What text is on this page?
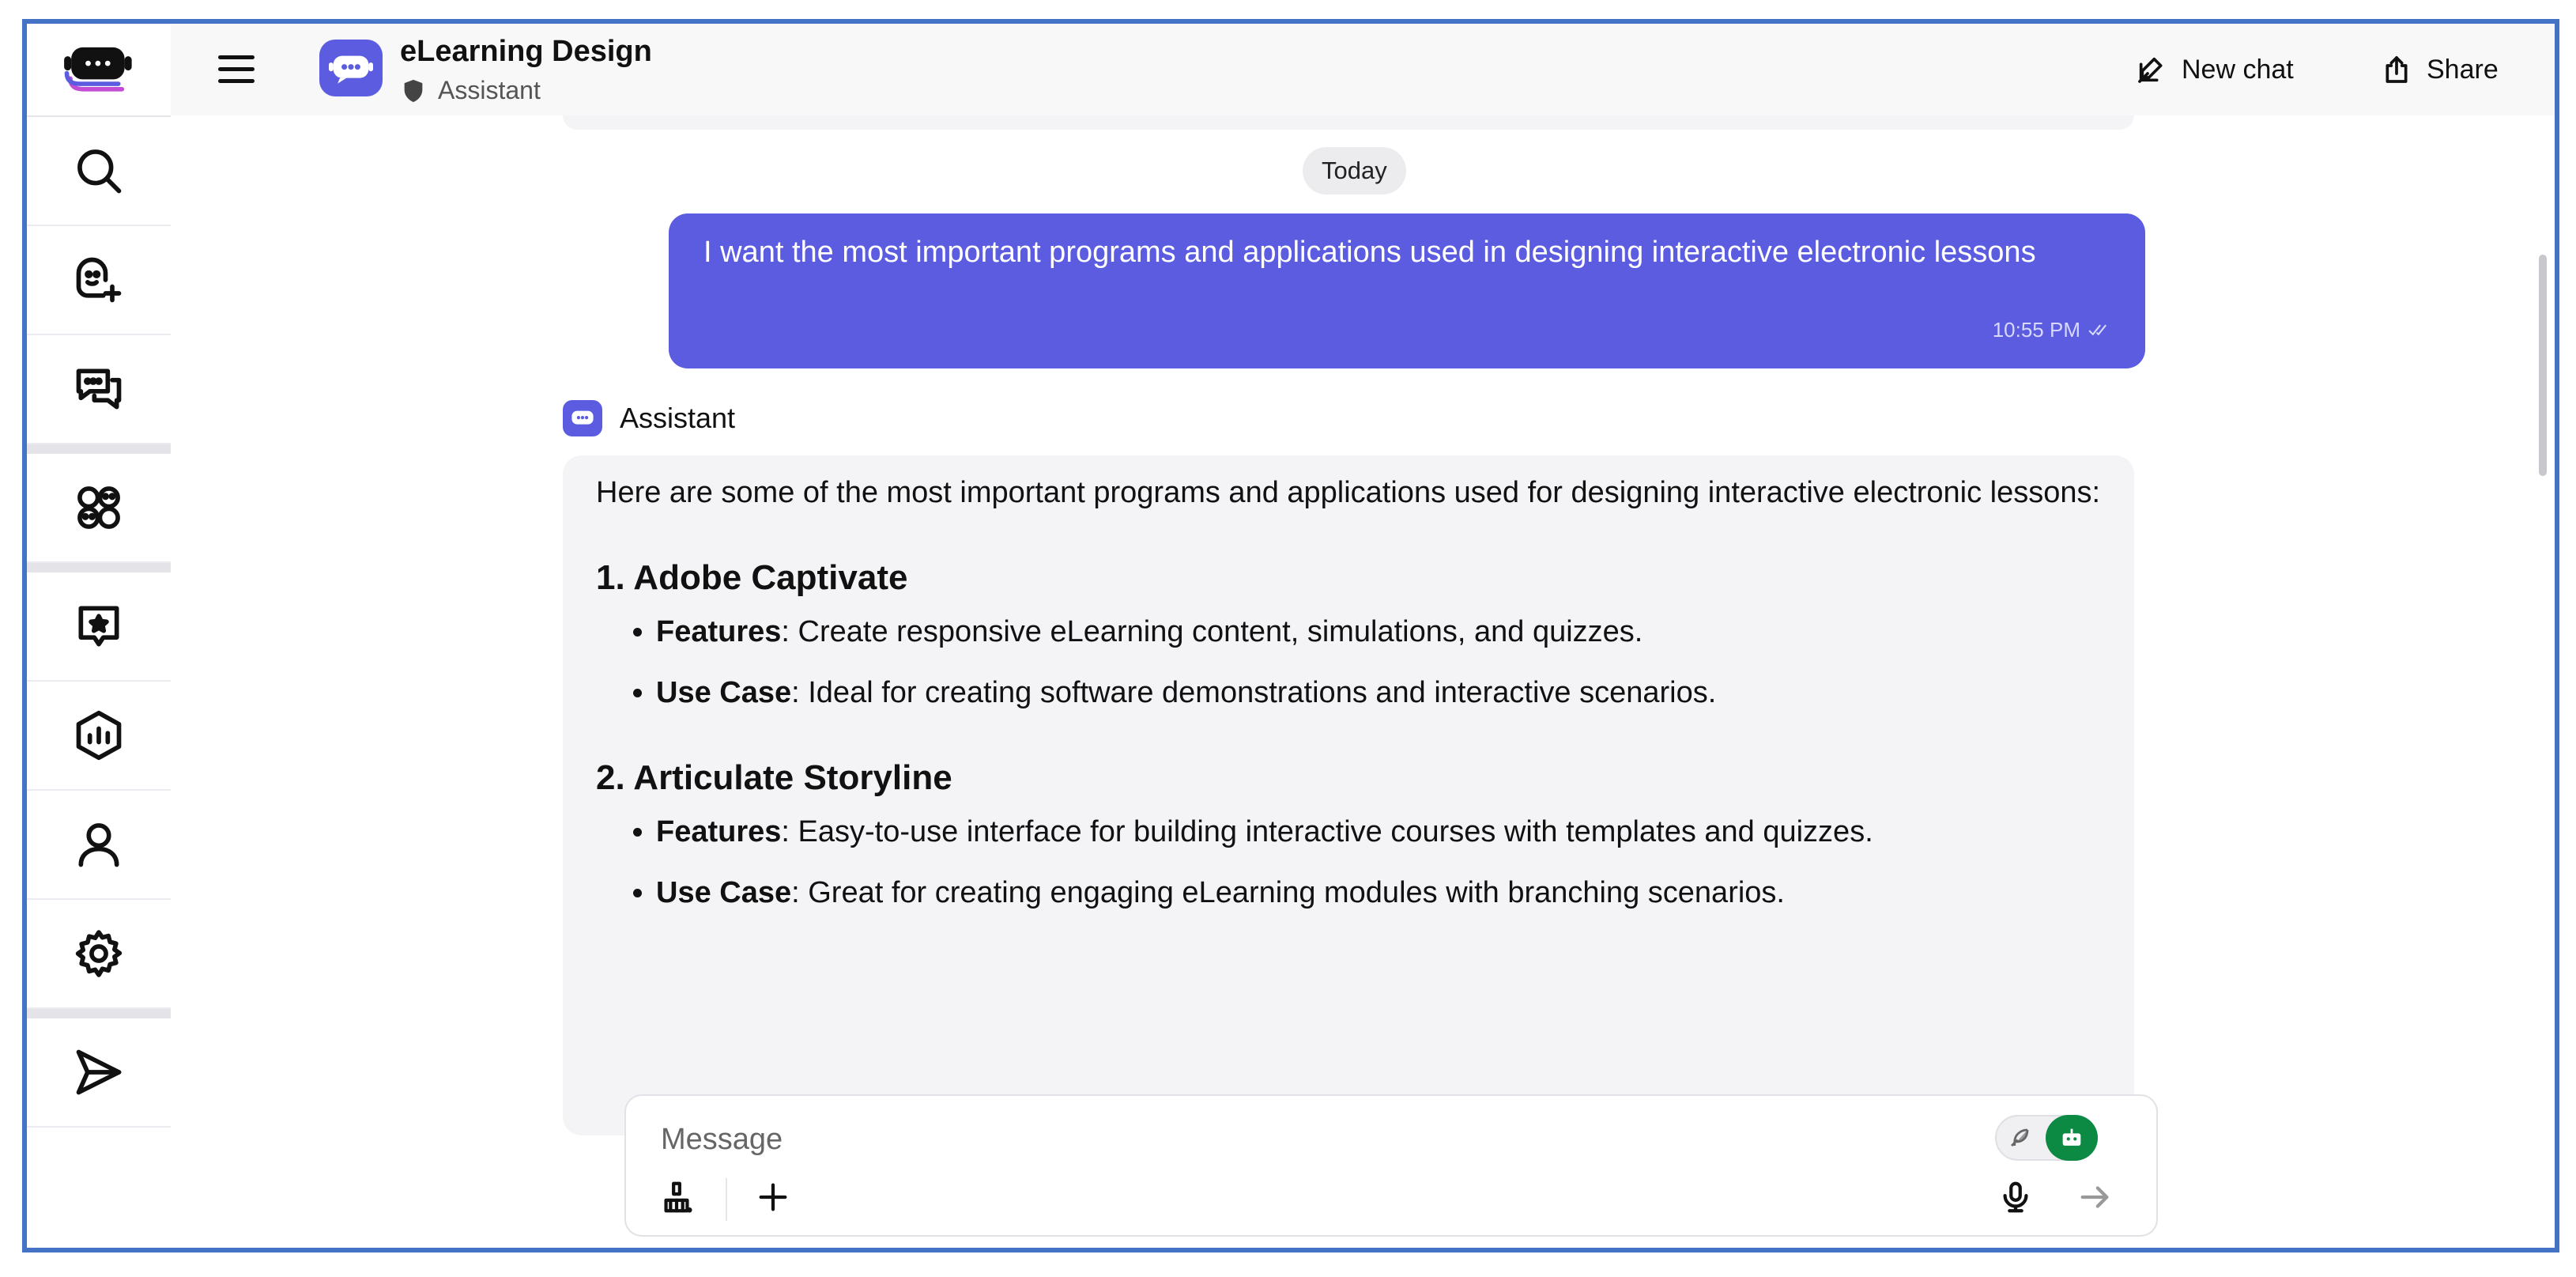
eLearning Design
Assistant
New chat	Share
Today
I want the most important programs and applications used in designing interactive electronic lessons
10:55 PM
Assistant

Here are some of the most important programs and applications used for designing interactive electronic lessons:

1. Adobe Captivate
• Features: Create responsive eLearning content, simulations, and quizzes.
• Use Case: Ideal for creating software demonstrations and interactive scenarios.
2. Articulate Storyline
• Features: Easy-to-use interface for building interactive courses with templates and quizzes.
• Use Case: Great for creating engaging eLearning modules with branching scenarios.
Message
